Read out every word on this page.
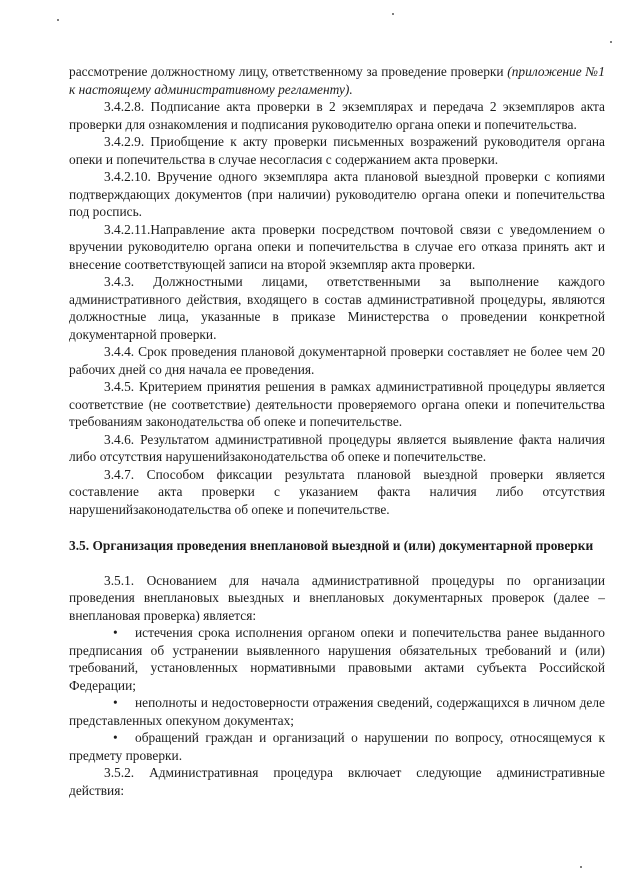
рассмотрение должностному лицу, ответственному за проведение проверки (приложение №1 к настоящему административному регламенту).

3.4.2.8. Подписание акта проверки в 2 экземплярах и передача 2 экземпляров акта проверки для ознакомления и подписания руководителю органа опеки и попечительства.

3.4.2.9. Приобщение к акту проверки письменных возражений руководителя органа опеки и попечительства в случае несогласия с содержанием акта проверки.

3.4.2.10. Вручение одного экземпляра акта плановой выездной проверки с копиями подтверждающих документов (при наличии) руководителю органа опеки и попечительства под роспись.

3.4.2.11.Направление акта проверки посредством почтовой связи с уведомлением о вручении руководителю органа опеки и попечительства в случае его отказа принять акт и внесение соответствующей записи на второй экземпляр акта проверки.

3.4.3. Должностными лицами, ответственными за выполнение каждого административного действия, входящего в состав административной процедуры, являются должностные лица, указанные в приказе Министерства о проведении конкретной документарной проверки.

3.4.4. Срок проведения плановой документарной проверки составляет не более чем 20 рабочих дней со дня начала ее проведения.

3.4.5. Критерием принятия решения в рамках административной процедуры является соответствие (не соответствие) деятельности проверяемого органа опеки и попечительства требованиям законодательства об опеке и попечительстве.

3.4.6. Результатом административной процедуры является выявление факта наличия либо отсутствия нарушенийзаконодательства об опеке и попечительстве.

3.4.7. Способом фиксации результата плановой выездной проверки является составление акта проверки с указанием факта наличия либо отсутствия нарушенийзаконодательства об опеке и попечительстве.

3.5. Организация проведения внеплановой выездной и (или) документарной проверки

3.5.1. Основанием для начала административной процедуры по организации проведения внеплановых выездных и внеплановых документарных проверок (далее – внеплановая проверка) является:

• истечения срока исполнения органом опеки и попечительства ранее выданного предписания об устранении выявленного нарушения обязательных требований и (или) требований, установленных нормативными правовыми актами субъекта Российской Федерации;

• неполноты и недостоверности отражения сведений, содержащихся в личном деле представленных опекуном документах;

• обращений граждан и организаций о нарушении по вопросу, относящемуся к предмету проверки.

3.5.2. Административная процедура включает следующие административные действия:
